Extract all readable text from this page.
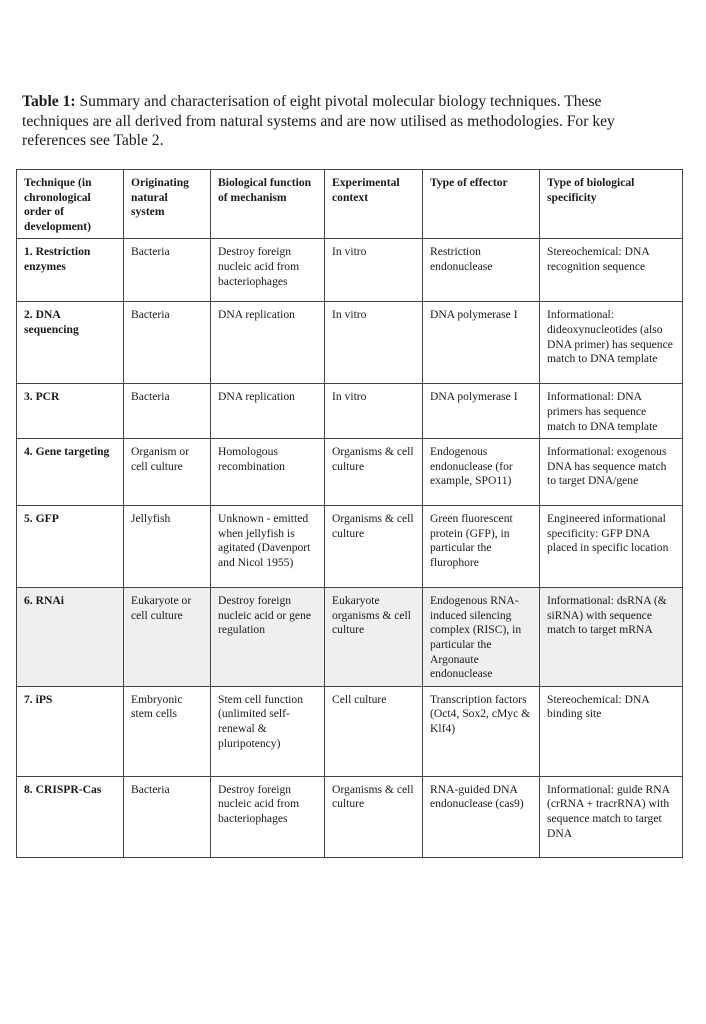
Table 1: Summary and characterisation of eight pivotal molecular biology techniques. These techniques are all derived from natural systems and are now utilised as methodologies. For key references see Table 2.
Technique (in chronological order of development)	Originating natural system	Biological function of mechanism	Experimental context	Type of effector	Type of biological specificity
1. Restriction enzymes	Bacteria	Destroy foreign nucleic acid from bacteriophages	In vitro	Restriction endonuclease	Stereochemical: DNA recognition sequence
2. DNA sequencing	Bacteria	DNA replication	In vitro	DNA polymerase I	Informational: dideoxynucleotides (also DNA primer) has sequence match to DNA template
3. PCR	Bacteria	DNA replication	In vitro	DNA polymerase I	Informational: DNA primers has sequence match to DNA template
4. Gene targeting	Organism or cell culture	Homologous recombination	Organisms & cell culture	Endogenous endonuclease (for example, SPO11)	Informational: exogenous DNA has sequence match to target DNA/gene
5. GFP	Jellyfish	Unknown - emitted when jellyfish is agitated (Davenport and Nicol 1955)	Organisms & cell culture	Green fluorescent protein (GFP), in particular the flurophore	Engineered informational specificity: GFP DNA placed in specific location
6. RNAi	Eukaryote or cell culture	Destroy foreign nucleic acid or gene regulation	Eukaryote organisms & cell culture	Endogenous RNA-induced silencing complex (RISC), in particular the Argonaute endonuclease	Informational: dsRNA (& siRNA) with sequence match to target mRNA
7. iPS	Embryonic stem cells	Stem cell function (unlimited self-renewal & pluripotency)	Cell culture	Transcription factors (Oct4, Sox2, cMyc & Klf4)	Stereochemical: DNA binding site
8. CRISPR-Cas	Bacteria	Destroy foreign nucleic acid from bacteriophages	Organisms & cell culture	RNA-guided DNA endonuclease (cas9)	Informational: guide RNA (crRNA + tracrRNA) with sequence match to target DNA
